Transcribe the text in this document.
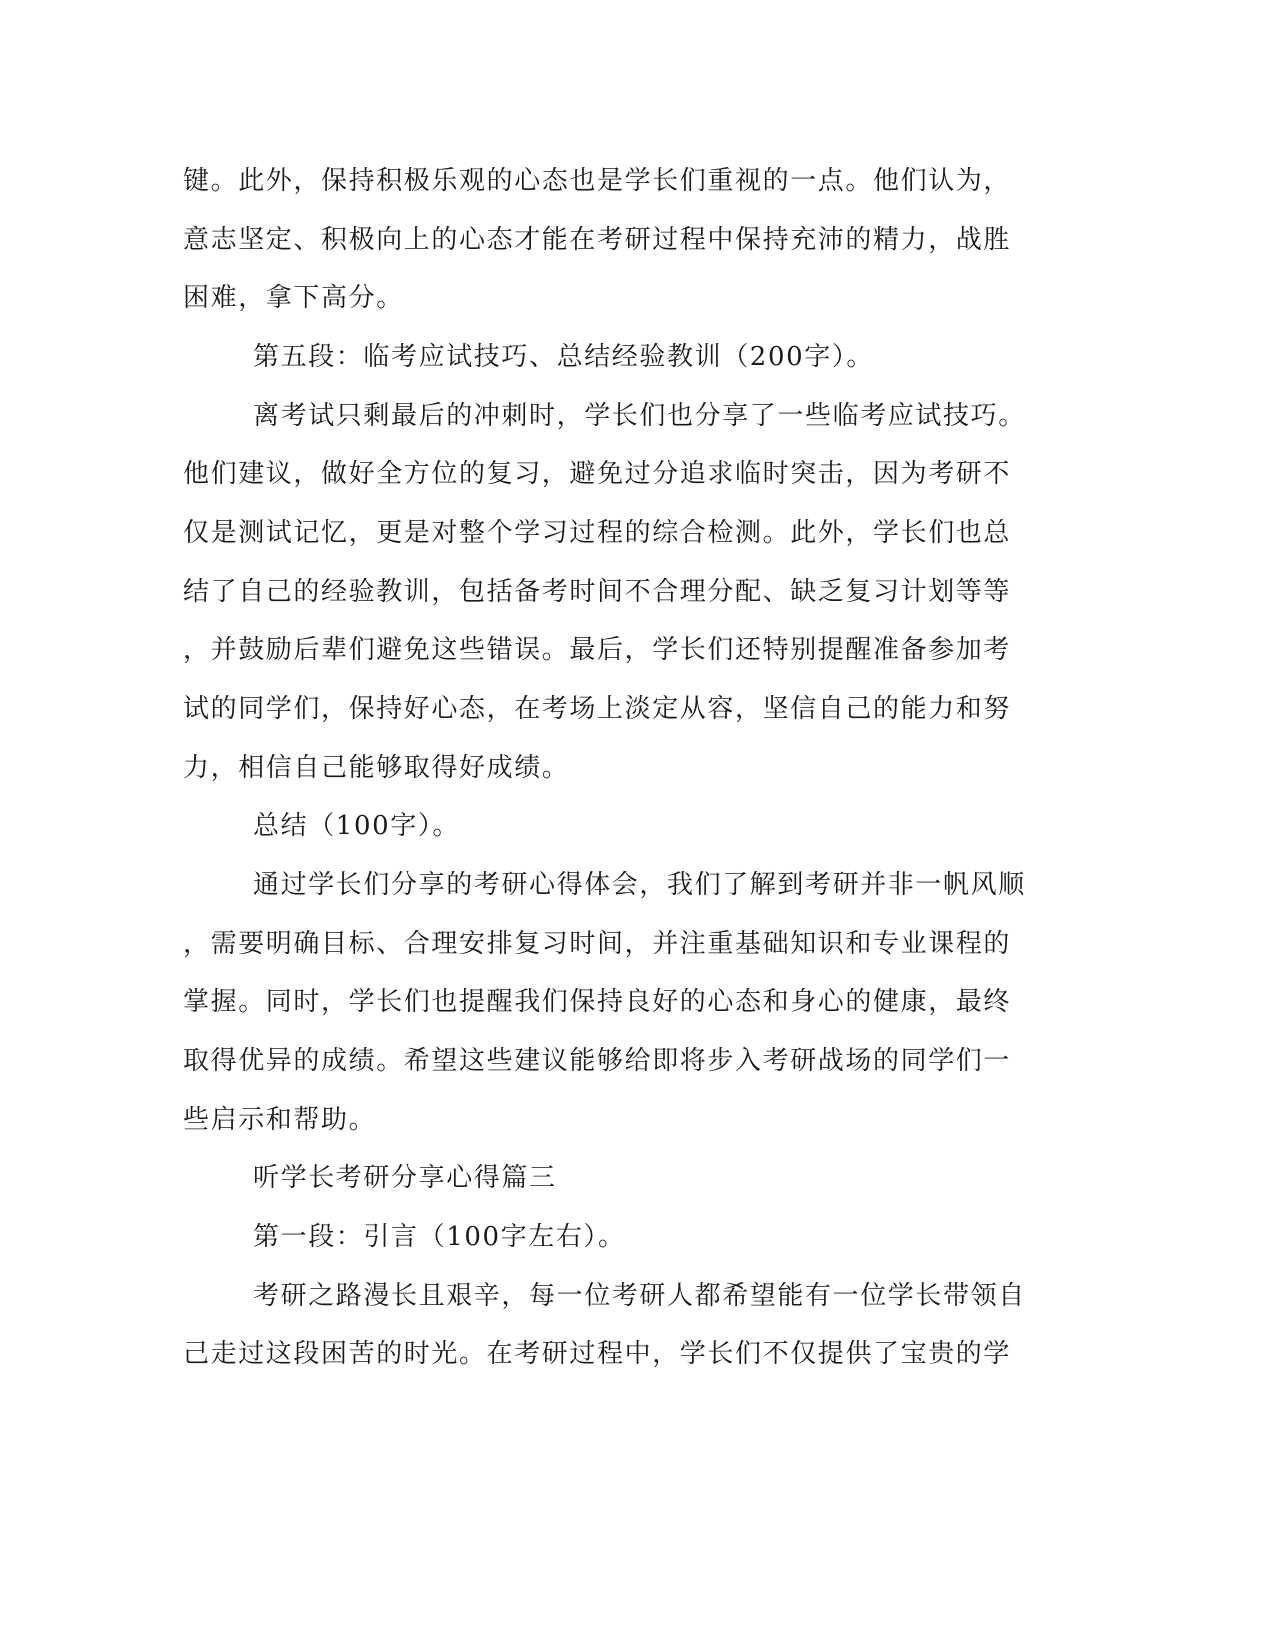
键。此外，保持积极乐观的心态也是学长们重视的一点。他们认为，
意志坚定、积极向上的心态才能在考研过程中保持充沛的精力，战胜
困难，拿下高分。
第五段：临考应试技巧、总结经验教训（200字）。
离考试只剩最后的冲刺时，学长们也分享了一些临考应试技巧。
他们建议，做好全方位的复习，避免过分追求临时突击，因为考研不
仅是测试记忆，更是对整个学习过程的综合检测。此外，学长们也总
结了自己的经验教训，包括备考时间不合理分配、缺乏复习计划等等
，并鼓励后辈们避免这些错误。最后，学长们还特别提醒准备参加考
试的同学们，保持好心态，在考场上淡定从容，坚信自己的能力和努
力，相信自己能够取得好成绩。
总结（100字）。
通过学长们分享的考研心得体会，我们了解到考研并非一帆风顺
，需要明确目标、合理安排复习时间，并注重基础知识和专业课程的
掌握。同时，学长们也提醒我们保持良好的心态和身心的健康，最终
取得优异的成绩。希望这些建议能够给即将步入考研战场的同学们一
些启示和帮助。
听学长考研分享心得篇三
第一段：引言（100字左右）。
考研之路漫长且艰辛，每一位考研人都希望能有一位学长带领自
己走过这段困苦的时光。在考研过程中，学长们不仅提供了宝贵的学
